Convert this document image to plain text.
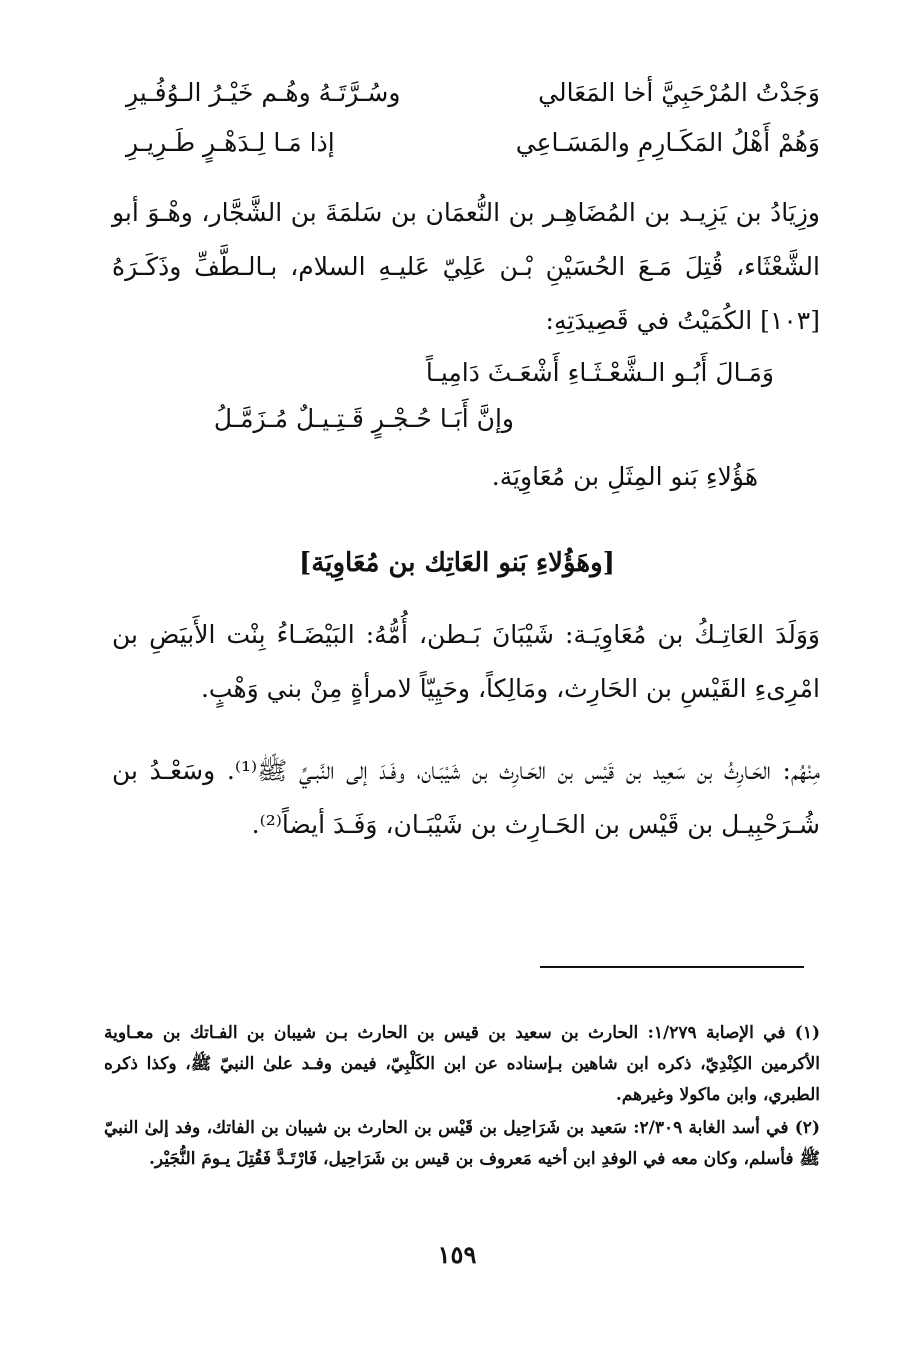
وَجَدْتُ المُرْحَبِيَّ أخا المَعَالي
وسُـرَّتَـهُ وهُـم خَيْـرُ الـوُفُـيرِ
وَهُمْ أَهْلُ المَكَـارِمِ والمَسَـاعِي
إذا مَـا لِـدَهْـرٍ طَـرِيـرِ

وزِيَادُ بن يَزِيـد بن المُضَاهِـر بن النُّعمَان بن سَلمَةَ بن الشَّجَّار، وهْـوَ أبو الشَّعْثَاء، قُتِلَ مَـعَ الحُسَيْنِ بْـن عَلِيّ عَليـهِ السلام، بـالـطَّفِّ وذَكَـرَهُ [١٠٣] الكُمَيْتُ في قَصِيدَتِهِ:

وَمَـالَ أَبُـو الـشَّعْـثَـاءِ أَشْعَـثَ دَامِيـاً
وإنَّ أَبَـا حُـجْـرٍ قَـتِـيـلٌ مُـزَمَّـلُ
هَؤُلاءِ بَنو المِثَلِ بن مُعَاوِيَة.
[وهَؤُلاءِ بَنو العَاتِك بن مُعَاوِيَة]

وَوَلَدَ العَاتِـكُ بن مُعَاوِيَـة: شَيْبَانَ بَـطن، أُمُّهُ: البَيْضَـاءُ بِنْت الأَبيَضِ بن امْرِىءِ القَيْسِ بن الحَارِث، ومَالِكاً، وحَيِيّاً لامرأةٍ مِنْ بني وَهْبٍ.

مِنْهُم: الحَـارِثُ بن سَعِيد بن قَيْس بن الحَـارِث بن شَيْبَـان، وفَـدَ إلى النَّبـيِّ ﷺ⁽¹⁾. وسَعْـدُ بن شُـرَحْبِيـل بن قَيْس بن الحَـارِث بن شَيْبَـان، وَفَـدَ أيضاً⁽²⁾.

(١) في الإصابة ١/٢٧٩: الحارث بن سعيد بن قيس بن الحارث بـن شيبان بن الفـاتك بن معـاوية الأكرمين الكِنْدِيّ، ذكره ابن شاهين بـإسناده عن ابن الكَلْبِيّ، فيمن وفـد علىٰ النبيّ ﷺ، وكذا ذكره الطبري، وابن ماكولا وغيرهم.

(٢) في أسد الغابة ٢/٣٠٩: سَعيد بن شَرَاحِيل بن قَيْس بن الحارث بن شيبان بن الفاتك، وفد إلىٰ النبيّ ﷺ فأسلم، وكان معه في الوفدِ ابن أخيه مَعروف بن قيس بن شَرَاحِيل، فَارْتَـدَّ فَقُتِلَ يـومَ النُّجَيْر.

١٥٩
